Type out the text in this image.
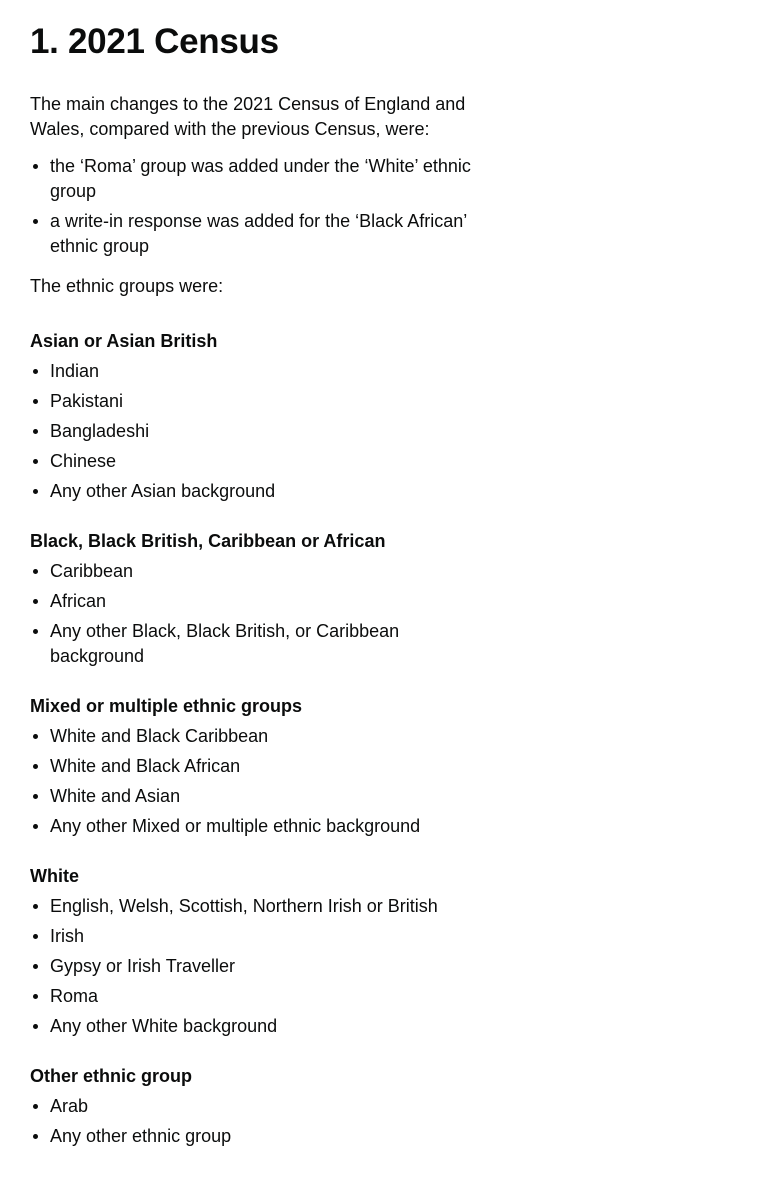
1. 2021 Census

The main changes to the 2021 Census of England and Wales, compared with the previous Census, were:

the ‘Roma’ group was added under the ‘White’ ethnic group
a write-in response was added for the ‘Black African’ ethnic group

The ethnic groups were:

Asian or Asian British
Indian
Pakistani
Bangladeshi
Chinese
Any other Asian background
Black, Black British, Caribbean or African
Caribbean
African
Any other Black, Black British, or Caribbean background
Mixed or multiple ethnic groups
White and Black Caribbean
White and Black African
White and Asian
Any other Mixed or multiple ethnic background
White
English, Welsh, Scottish, Northern Irish or British
Irish
Gypsy or Irish Traveller
Roma
Any other White background
Other ethnic group
Arab
Any other ethnic group
